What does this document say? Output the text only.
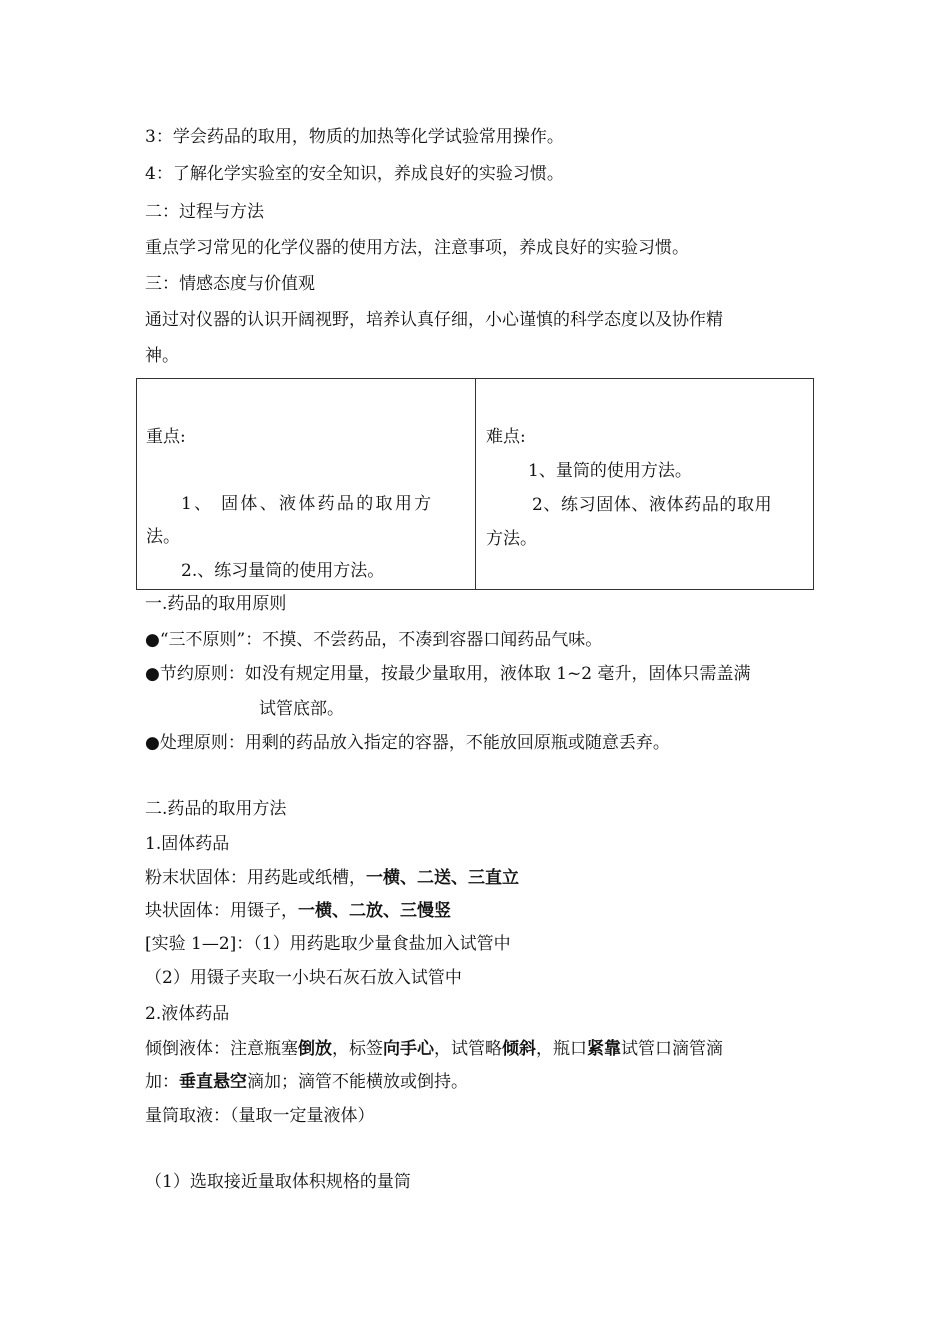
3：学会药品的取用，物质的加热等化学试验常用操作。
4：了解化学实验室的安全知识，养成良好的实验习惯。
二：过程与方法
重点学习常见的化学仪器的使用方法，注意事项，养成良好的实验习惯。
三：情感态度与价值观
通过对仪器的认识开阔视野，培养认真仔细，小心谨慎的科学态度以及协作精
神。
重点:
1、 固体、液体药品的取用方
法。
2.、练习量筒的使用方法。
难点:
1、量筒的使用方法。
2、练习固体、液体药品的取用
方法。
一.药品的取用原则
●“三不原则”：不摸、不尝药品，不凑到容器口闻药品气味。
●节约原则：如没有规定用量，按最少量取用，液体取 1~2 毫升，固体只需盖满
试管底部。
●处理原则：用剩的药品放入指定的容器，不能放回原瓶或随意丢弃。
二.药品的取用方法
1.固体药品
粉末状固体：用药匙或纸槽，一横、二送、三直立
块状固体：用镊子，一横、二放、三慢竖
[实验 1—2]：（1）用药匙取少量食盐加入试管中
（2）用镊子夹取一小块石灰石放入试管中
2.液体药品
倾倒液体：注意瓶塞倒放，标签向手心，试管略倾斜，瓶口紧靠试管口滴管滴
加：垂直悬空滴加；滴管不能横放或倒持。
量筒取液：（量取一定量液体）
（1）选取接近量取体积规格的量筒
